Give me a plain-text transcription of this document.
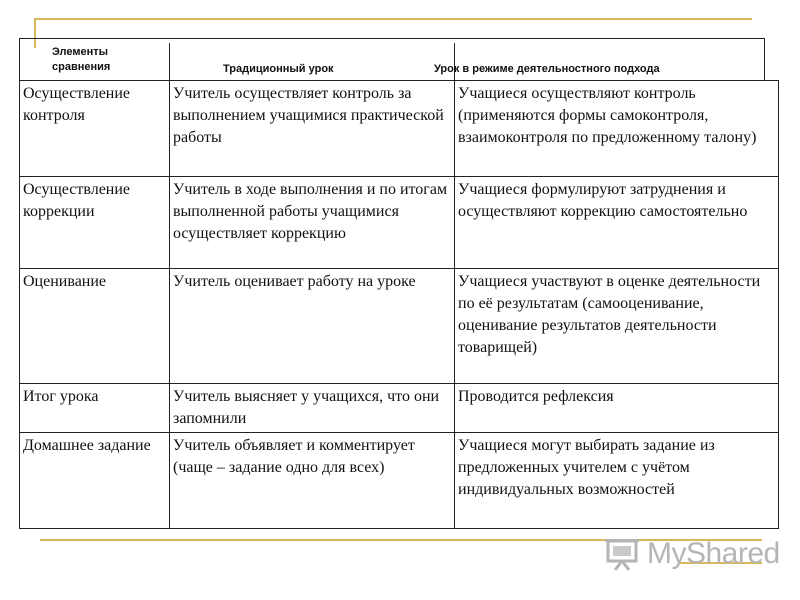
Элементы
сравнения	Традиционный урок	Урок в режиме деятельностного подхода
Осуществление контроля	Учитель осуществляет контроль за выполнением учащимися практической работы	Учащиеся осуществляют контроль (применяются формы самоконтроля, взаимоконтроля по предложенному талону)
Осуществление коррекции	Учитель в ходе выполнения и по итогам выполненной работы учащимися осуществляет коррекцию	Учащиеся формулируют затруднения и осуществляют коррекцию самостоятельно
Оценивание	Учитель оценивает работу на уроке	Учащиеся участвуют в оценке деятельности по её результатам (самооценивание, оценивание результатов деятельности товарищей)
Итог урока	Учитель выясняет у учащихся, что они запомнили	Проводится рефлексия
Домашнее задание	Учитель объявляет и комментирует (чаще – задание одно для всех)	Учащиеся могут выбирать задание из предложенных учителем с учётом индивидуальных возможностей
MyShared
